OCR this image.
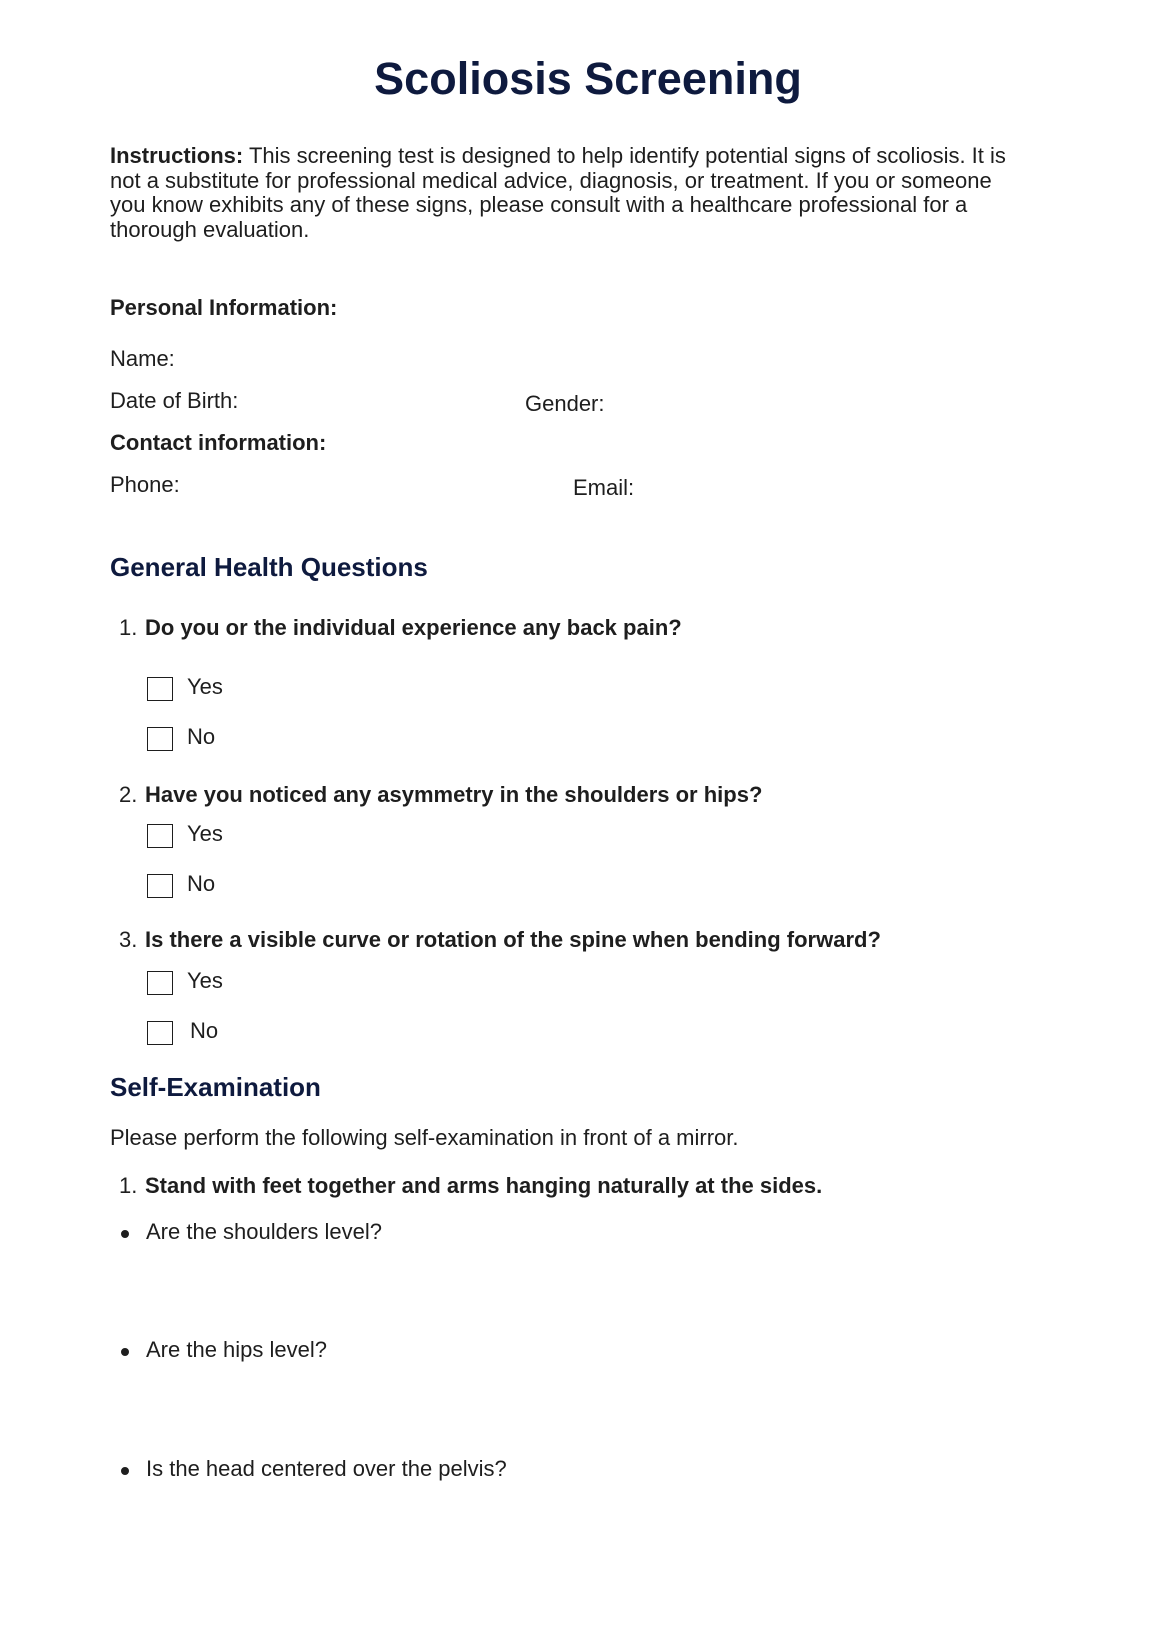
Scoliosis Screening
Instructions: This screening test is designed to help identify potential signs of scoliosis. It is not a substitute for professional medical advice, diagnosis, or treatment. If you or someone you know exhibits any of these signs, please consult with a healthcare professional for a thorough evaluation.
Personal Information:
Name:
Date of Birth:	Gender:
Contact information:
Phone:	Email:
General Health Questions
1. Do you or the individual experience any back pain?
Yes
No
2. Have you noticed any asymmetry in the shoulders or hips?
Yes
No
3. Is there a visible curve or rotation of the spine when bending forward?
Yes
No
Self-Examination
Please perform the following self-examination in front of a mirror.
1. Stand with feet together and arms hanging naturally at the sides.
Are the shoulders level?
Are the hips level?
Is the head centered over the pelvis?
